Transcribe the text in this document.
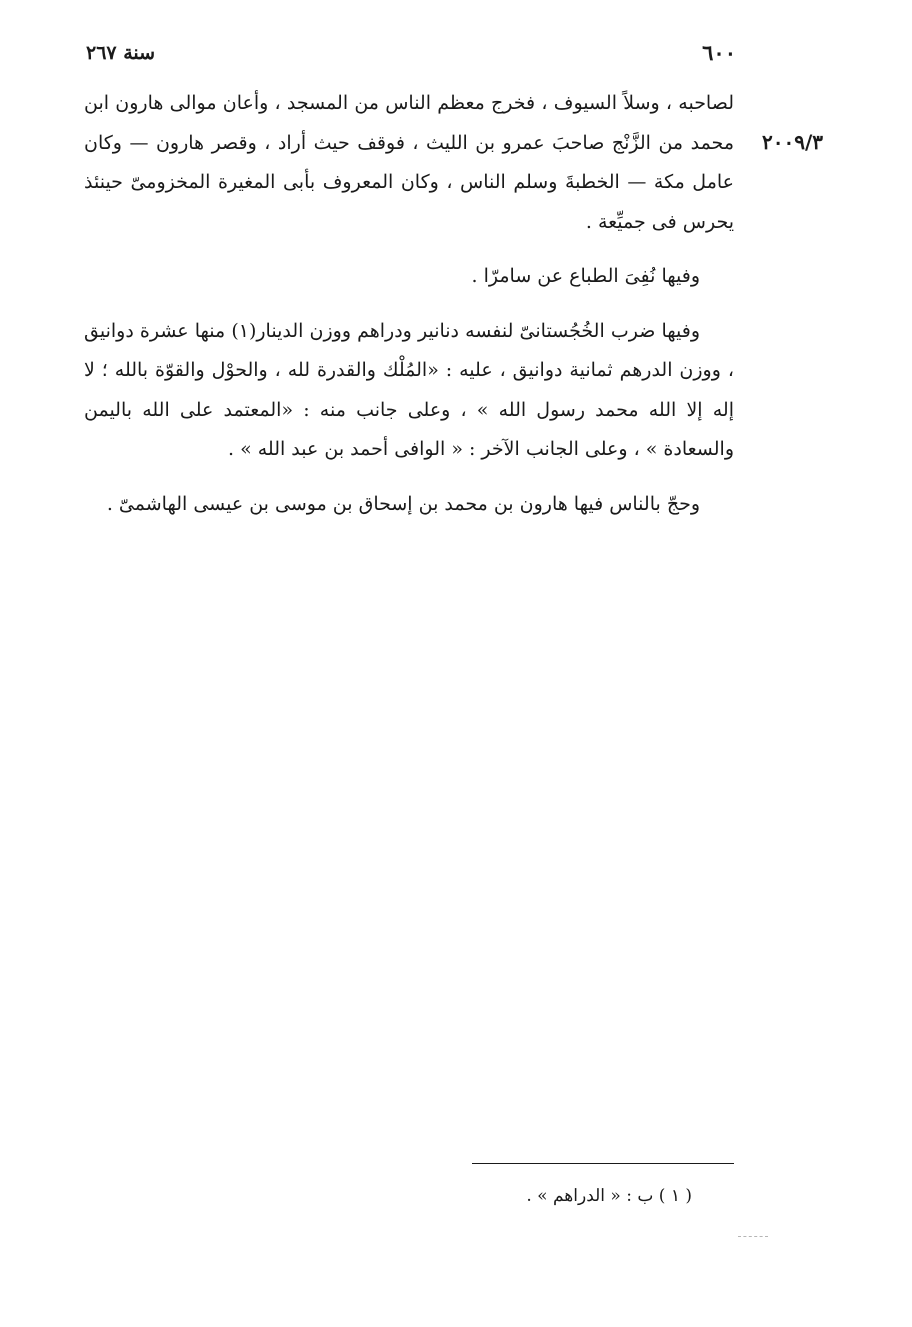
٦٠٠
سنة ٢٦٧
٢٠٠٩/٣

لصاحبه ، وسلاً السيوف ، فخرج معظم الناس من المسجد ، وأعان موالى هارون ابن محمد من الزَّنْج صاحبَ عمرو بن الليث ، فوقف حيث أراد ، وقصر هارون — وكان عامل مكة — الخطبةَ وسلم الناس ، وكان المعروف بأبى المغيرة المخزومىّ حينئذ يحرس فى جميِّعة .

وفيها نُفِىَ الطباع عن سامرّا .

وفيها ضرب الخُجُستانىّ لنفسه دنانير ودراهم ووزن الدينار(١) منها عشرة دوانيق ، ووزن الدرهم ثمانية دوانيق ، عليه : «المُلْك والقدرة لله ، والحوْل والقوّة بالله ؛ لا إله إلا الله محمد رسول الله » ، وعلى جانب منه : «المعتمد على الله باليمن والسعادة » ، وعلى الجانب الآخر : « الوافى أحمد بن عبد الله » .

وحجّ بالناس فيها هارون بن محمد بن إسحاق بن موسى بن عيسى الهاشمىّ .

( ١ ) ب : « الدراهم » .
